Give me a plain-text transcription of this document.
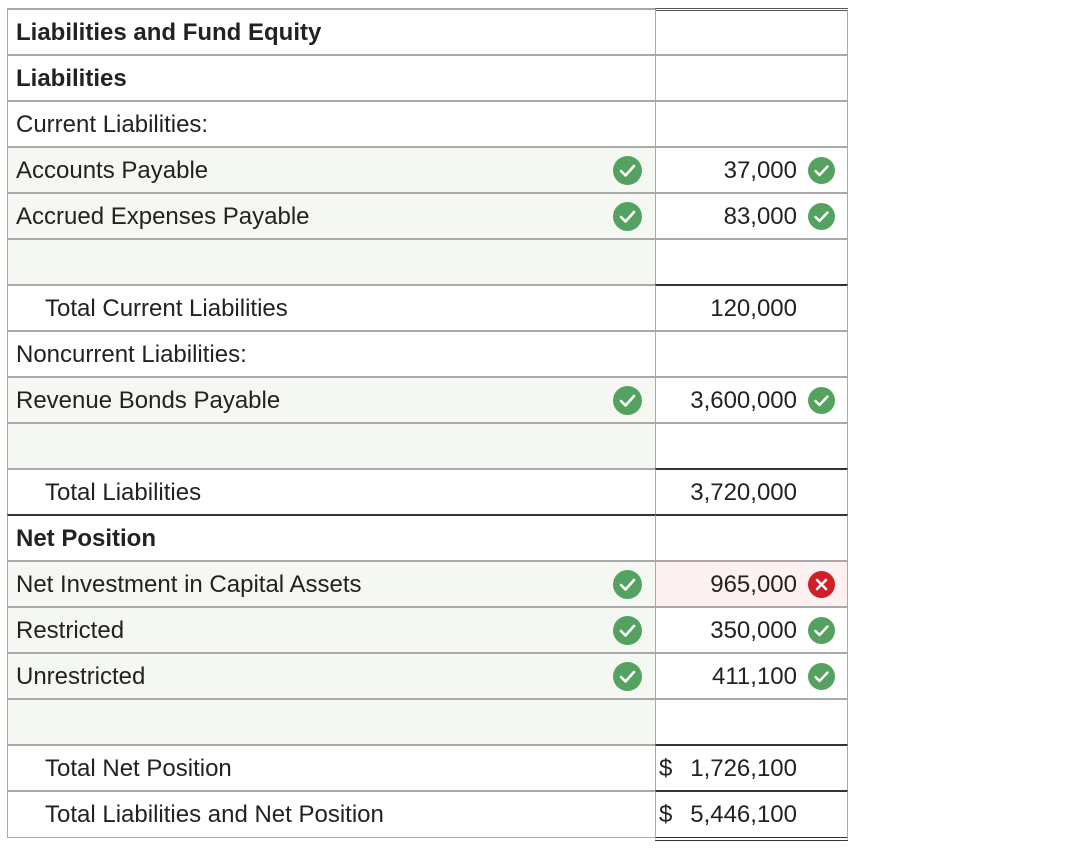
Liabilities and Fund Equity
Liabilities
Current Liabilities:
Accounts Payable	37,000
Accrued Expenses Payable	83,000
Total Current Liabilities	120,000
Noncurrent Liabilities:
Revenue Bonds Payable	3,600,000
Total Liabilities	3,720,000
Net Position
Net Investment in Capital Assets	965,000
Restricted	350,000
Unrestricted	411,100
Total Net Position	$ 1,726,100
Total Liabilities and Net Position	$ 5,446,100
